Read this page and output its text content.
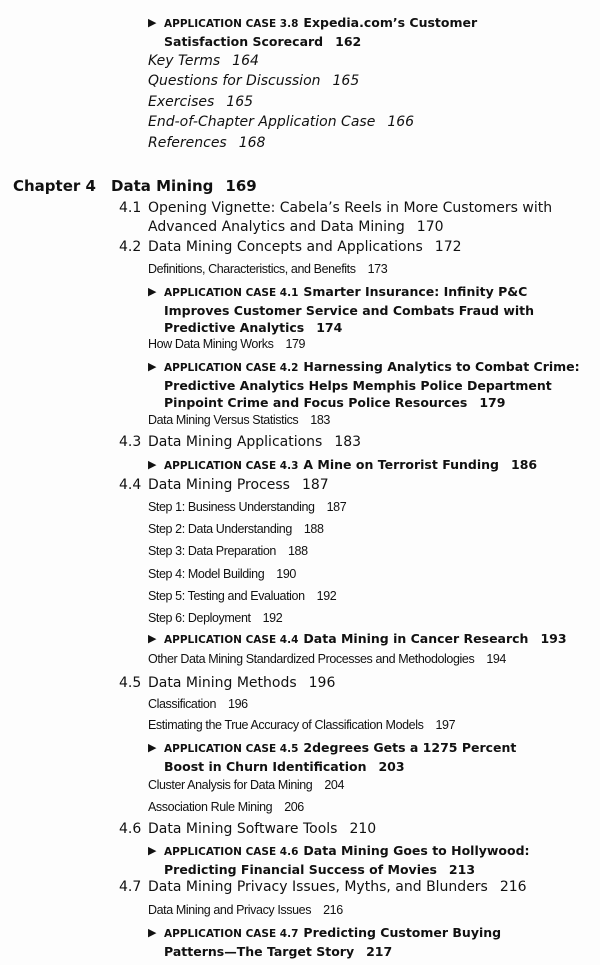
▶ APPLICATION CASE 3.8 Expedia.com’s Customer Satisfaction Scorecard 162
Key Terms 164
Questions for Discussion 165
Exercises 165
End-of-Chapter Application Case 166
References 168
Chapter 4 Data Mining 169
4.1 Opening Vignette: Cabela’s Reels in More Customers with
Advanced Analytics and Data Mining 170
4.2 Data Mining Concepts and Applications 172
Definitions, Characteristics, and Benefits 173
▶ APPLICATION CASE 4.1 Smarter Insurance: Infinity P&C Improves Customer Service and Combats Fraud with Predictive Analytics 174
How Data Mining Works 179
▶ APPLICATION CASE 4.2 Harnessing Analytics to Combat Crime: Predictive Analytics Helps Memphis Police Department Pinpoint Crime and Focus Police Resources 179
Data Mining Versus Statistics 183
4.3 Data Mining Applications 183
▶ APPLICATION CASE 4.3 A Mine on Terrorist Funding 186
4.4 Data Mining Process 187
Step 1: Business Understanding 187
Step 2: Data Understanding 188
Step 3: Data Preparation 188
Step 4: Model Building 190
Step 5: Testing and Evaluation 192
Step 6: Deployment 192
▶ APPLICATION CASE 4.4 Data Mining in Cancer Research 193
Other Data Mining Standardized Processes and Methodologies 194
4.5 Data Mining Methods 196
Classification 196
Estimating the True Accuracy of Classification Models 197
▶ APPLICATION CASE 4.5 2degrees Gets a 1275 Percent Boost in Churn Identification 203
Cluster Analysis for Data Mining 204
Association Rule Mining 206
4.6 Data Mining Software Tools 210
▶ APPLICATION CASE 4.6 Data Mining Goes to Hollywood: Predicting Financial Success of Movies 213
4.7 Data Mining Privacy Issues, Myths, and Blunders 216
Data Mining and Privacy Issues 216
▶ APPLICATION CASE 4.7 Predicting Customer Buying Patterns—The Target Story 217
